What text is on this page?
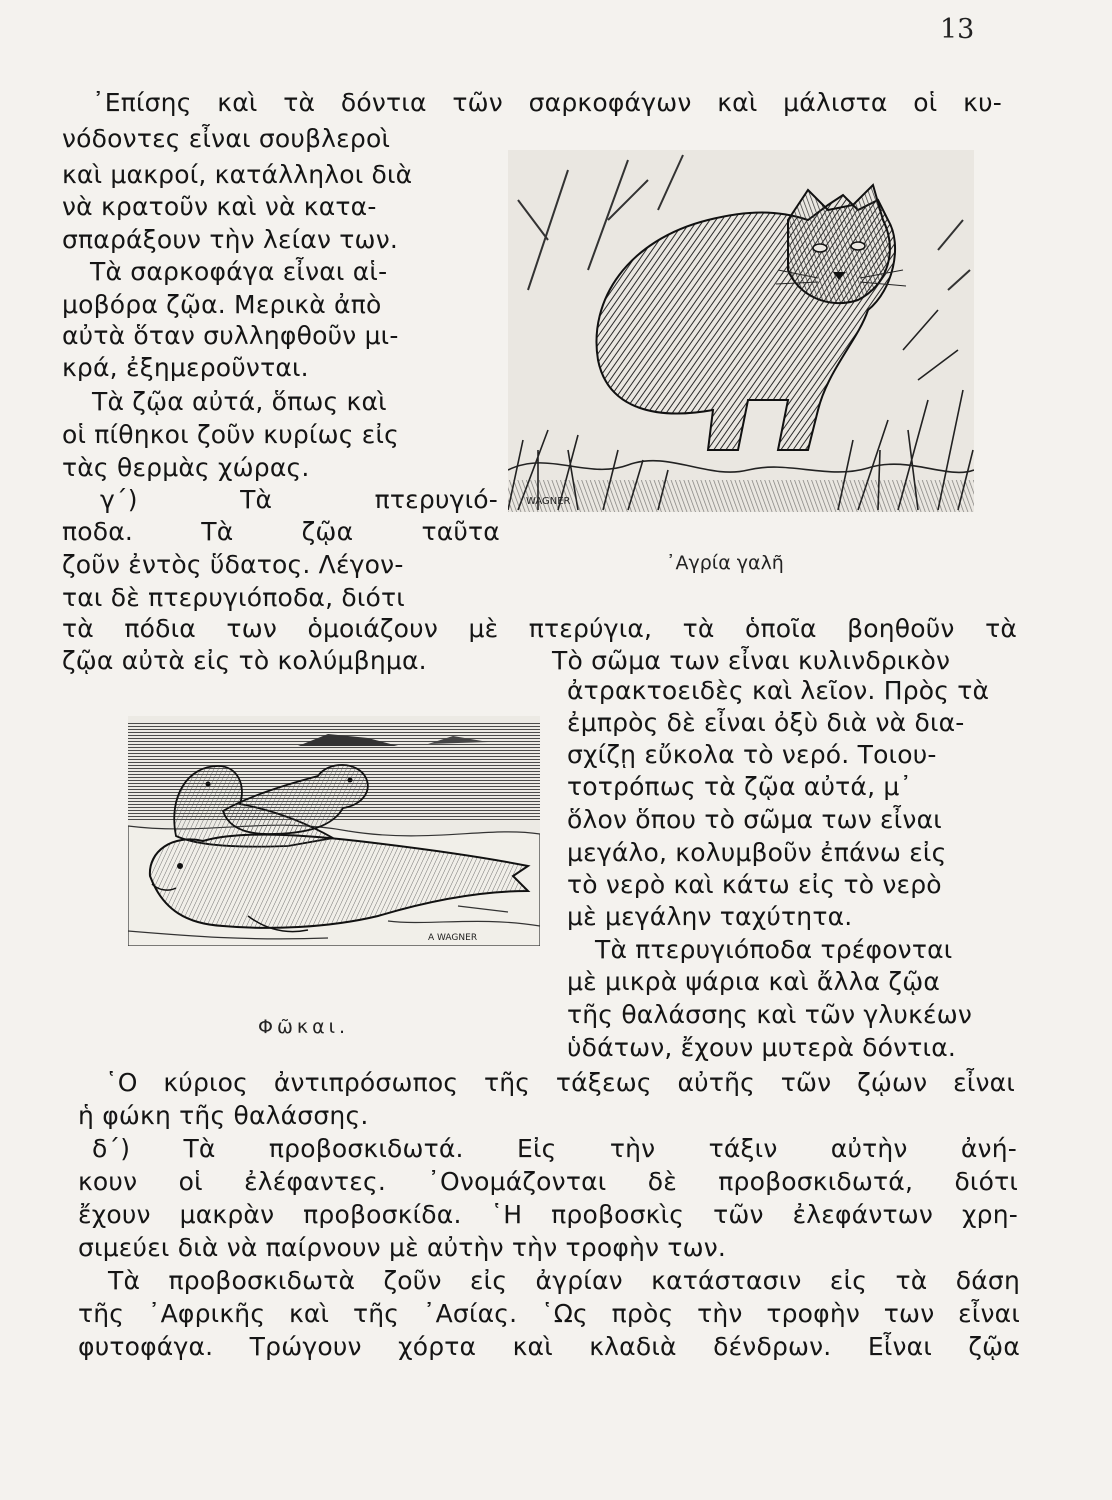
13
᾿Επίσης καὶ τὰ δόντια τῶν σαρκοφάγων καὶ μάλιστα οἱ κυ-
νόδοντες εἶναι σουβλεροὶ
καὶ μακροί, κατάλληλοι διὰ
νὰ κρατοῦν καὶ νὰ κατα-
σπαράξουν τὴν λείαν των.
Τὰ σαρκοφάγα εἶναι αἱ-
μοβόρα ζῷα. Μερικὰ ἀπὸ
αὐτὰ ὅταν συλληφθοῦν μι-
κρά, ἐξημεροῦνται.
Τὰ ζῷα αὐτά, ὅπως καὶ
οἱ πίθηκοι ζοῦν κυρίως εἰς
τὰς θερμὰς χώρας.
γ΄) Τὰ πτερυγιό-
ποδα. Τὰ ζῷα ταῦτα
ζοῦν ἐντὸς ὕδατος. Λέγον-
ται δὲ πτερυγιόποδα, διότι
τὰ πόδια των ὁμοιάζουν μὲ πτερύγια, τὰ ὁποῖα βοηθοῦν τὰ
ζῷα αὐτὰ εἰς τὸ κολύμβημα.	Τὸ σῶμα των εἶναι κυλινδρικὸν
ἀτρακτοειδὲς καὶ λεῖον. Πρὸς τὰ
ἐμπρὸς δὲ εἶναι ὀξὺ διὰ νὰ δια-
σχίζῃ εὔκολα τὸ νερό. Τοιου-
τοτρόπως τὰ ζῷα αὐτά, μ᾿
ὅλον ὅπου τὸ σῶμα των εἶναι
μεγάλο, κολυμβοῦν ἐπάνω εἰς
τὸ νερὸ καὶ κάτω εἰς τὸ νερὸ
μὲ μεγάλην ταχύτητα.
Τὰ πτερυγιόποδα τρέφονται
μὲ μικρὰ ψάρια καὶ ἄλλα ζῷα
τῆς θαλάσσης καὶ τῶν γλυκέων
ὑδάτων, ἔχουν μυτερὰ δόντια.
῾Ο κύριος ἀντιπρόσωπος τῆς τάξεως αὐτῆς τῶν ζῴων εἶναι
ἡ φώκη τῆς θαλάσσης.
δ΄) Τὰ προβοσκιδωτά. Εἰς τὴν τάξιν αὐτὴν ἀνή-
κουν οἱ ἐλέφαντες. ᾿Ονομάζονται δὲ προβοσκιδωτά, διότι
ἔχουν μακρὰν προβοσκίδα. ῾Η προβοσκὶς τῶν ἐλεφάντων χρη-
σιμεύει διὰ νὰ παίρνουν μὲ αὐτὴν τὴν τροφὴν των.
Τὰ προβοσκιδωτὰ ζοῦν εἰς ἀγρίαν κατάστασιν εἰς τὰ δάση
τῆς ᾿Αφρικῆς καὶ τῆς ᾿Ασίας. ῾Ως πρὸς τὴν τροφὴν των εἶναι
φυτοφάγα. Τρώγουν χόρτα καὶ κλαδιὰ δένδρων. Εἶναι ζῷα
WAGNER
᾿Αγρία γαλῆ
A WAGNER
Φῶκαι.
